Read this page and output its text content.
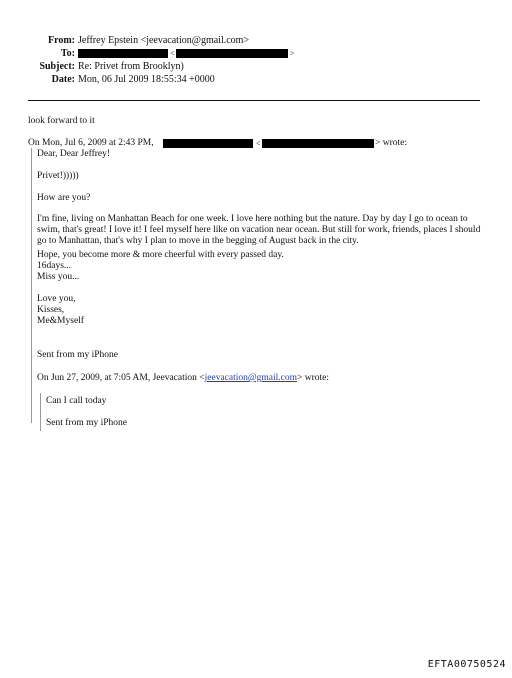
From: Jeffrey Epstein <jeevacation@gmail.com>
To:	<	>
Subject: Re: Privet from Brooklyn)
Date: Mon, 06 Jul 2009 18:55:34 +0000
look forward to it
On Mon, Jul 6, 2009 at 2:43 PM,	<	> wrote:
Dear, Dear Jeffrey!
Privet!)))))
How are you?
I'm fine, living on Manhattan Beach for one week. I love here nothing but the nature. Day by day I go to ocean to swim, that's great! I love it! I feel myself here like on vacation near ocean. But still for work, friends, places I should go to Manhattan, that's why I plan to move in the begging of August back in the city.
Hope, you become more & more cheerful with every passed day.
16days...
Miss you...
Love you,
Kisses,
Me&Myself
Sent from my iPhone
On Jun 27, 2009, at 7:05 AM, Jeevacation <jeevacation@gmail.com> wrote:
Can I call today
Sent from my iPhone
EFTA00750524
